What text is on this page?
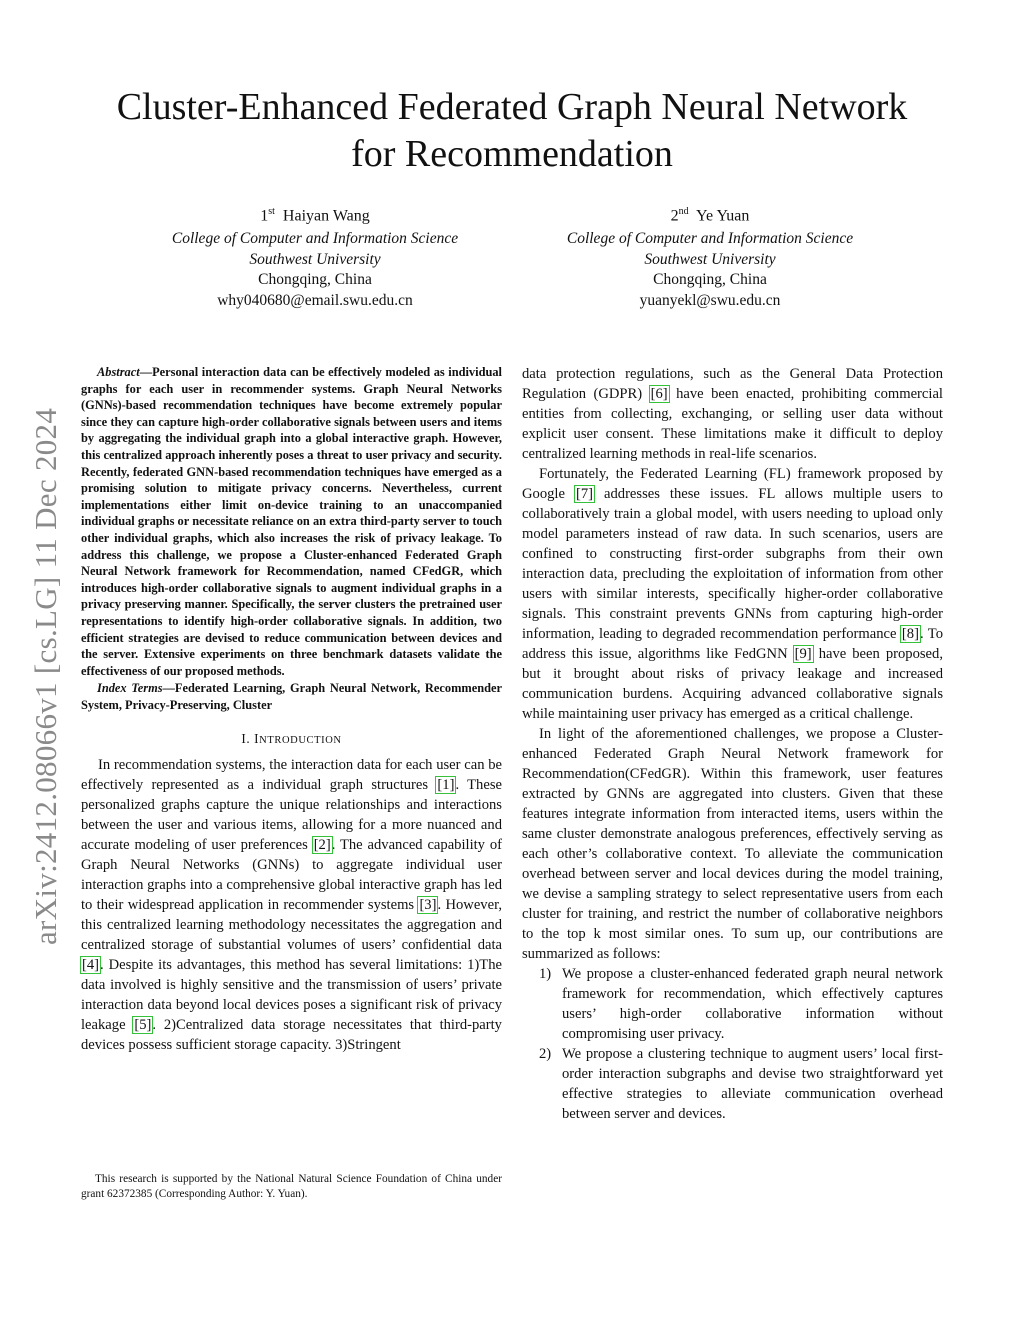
Cluster-Enhanced Federated Graph Neural Network
for Recommendation
1st Haiyan Wang
College of Computer and Information Science
Southwest University
Chongqing, China
why040680@email.swu.edu.cn
2nd Ye Yuan
College of Computer and Information Science
Southwest University
Chongqing, China
yuanyekl@swu.edu.cn
arXiv:2412.08066v1 [cs.LG] 11 Dec 2024

Abstract—Personal interaction data can be effectively modeled as individual graphs for each user in recommender systems. Graph Neural Networks (GNNs)-based recommendation techniques have become extremely popular since they can capture high-order collaborative signals between users and items by aggregating the individual graph into a global interactive graph. However, this centralized approach inherently poses a threat to user privacy and security. Recently, federated GNN-based recommendation techniques have emerged as a promising solution to mitigate privacy concerns. Nevertheless, current implementations either limit on-device training to an unaccompanied individual graphs or necessitate reliance on an extra third-party server to touch other individual graphs, which also increases the risk of privacy leakage. To address this challenge, we propose a Cluster-enhanced Federated Graph Neural Network framework for Recommendation, named CFedGR, which introduces high-order collaborative signals to augment individual graphs in a privacy preserving manner. Specifically, the server clusters the pretrained user representations to identify high-order collaborative signals. In addition, two efficient strategies are devised to reduce communication between devices and the server. Extensive experiments on three benchmark datasets validate the effectiveness of our proposed methods.

Index Terms—Federated Learning, Graph Neural Network, Recommender System, Privacy-Preserving, Cluster

I. INTRODUCTION

In recommendation systems, the interaction data for each user can be effectively represented as a individual graph structures [1]. These personalized graphs capture the unique relationships and interactions between the user and various items, allowing for a more nuanced and accurate modeling of user preferences [2]. The advanced capability of Graph Neural Networks (GNNs) to aggregate individual user interaction graphs into a comprehensive global interactive graph has led to their widespread application in recommender systems [3]. However, this centralized learning methodology necessitates the aggregation and centralized storage of substantial volumes of users’ confidential data [4]. Despite its advantages, this method has several limitations: 1)The data involved is highly sensitive and the transmission of users’ private interaction data beyond local devices poses a significant risk of privacy leakage [5]. 2)Centralized data storage necessitates that third-party devices possess sufficient storage capacity. 3)Stringent

This research is supported by the National Natural Science Foundation of China under grant 62372385 (Corresponding Author: Y. Yuan).

data protection regulations, such as the General Data Protection Regulation (GDPR) [6] have been enacted, prohibiting commercial entities from collecting, exchanging, or selling user data without explicit user consent. These limitations make it difficult to deploy centralized learning methods in real-life scenarios.

Fortunately, the Federated Learning (FL) framework proposed by Google [7] addresses these issues. FL allows multiple users to collaboratively train a global model, with users needing to upload only model parameters instead of raw data. In such scenarios, users are confined to constructing first-order subgraphs from their own interaction data, precluding the exploitation of information from other users with similar interests, specifically higher-order collaborative signals. This constraint prevents GNNs from capturing high-order information, leading to degraded recommendation performance [8]. To address this issue, algorithms like FedGNN [9] have been proposed, but it brought about risks of privacy leakage and increased communication burdens. Acquiring advanced collaborative signals while maintaining user privacy has emerged as a critical challenge.

In light of the aforementioned challenges, we propose a Cluster-enhanced Federated Graph Neural Network framework for Recommendation(CFedGR). Within this framework, user features extracted by GNNs are aggregated into clusters. Given that these features integrate information from interacted items, users within the same cluster demonstrate analogous preferences, effectively serving as each other’s collaborative context. To alleviate the communication overhead between server and local devices during the model training, we devise a sampling strategy to select representative users from each cluster for training, and restrict the number of collaborative neighbors to the top k most similar ones. To sum up, our contributions are summarized as follows:

1) We propose a cluster-enhanced federated graph neural network framework for recommendation, which effectively captures users’ high-order collaborative information without compromising user privacy.
2) We propose a clustering technique to augment users’ local first-order interaction subgraphs and devise two straightforward yet effective strategies to alleviate communication overhead between server and devices.
